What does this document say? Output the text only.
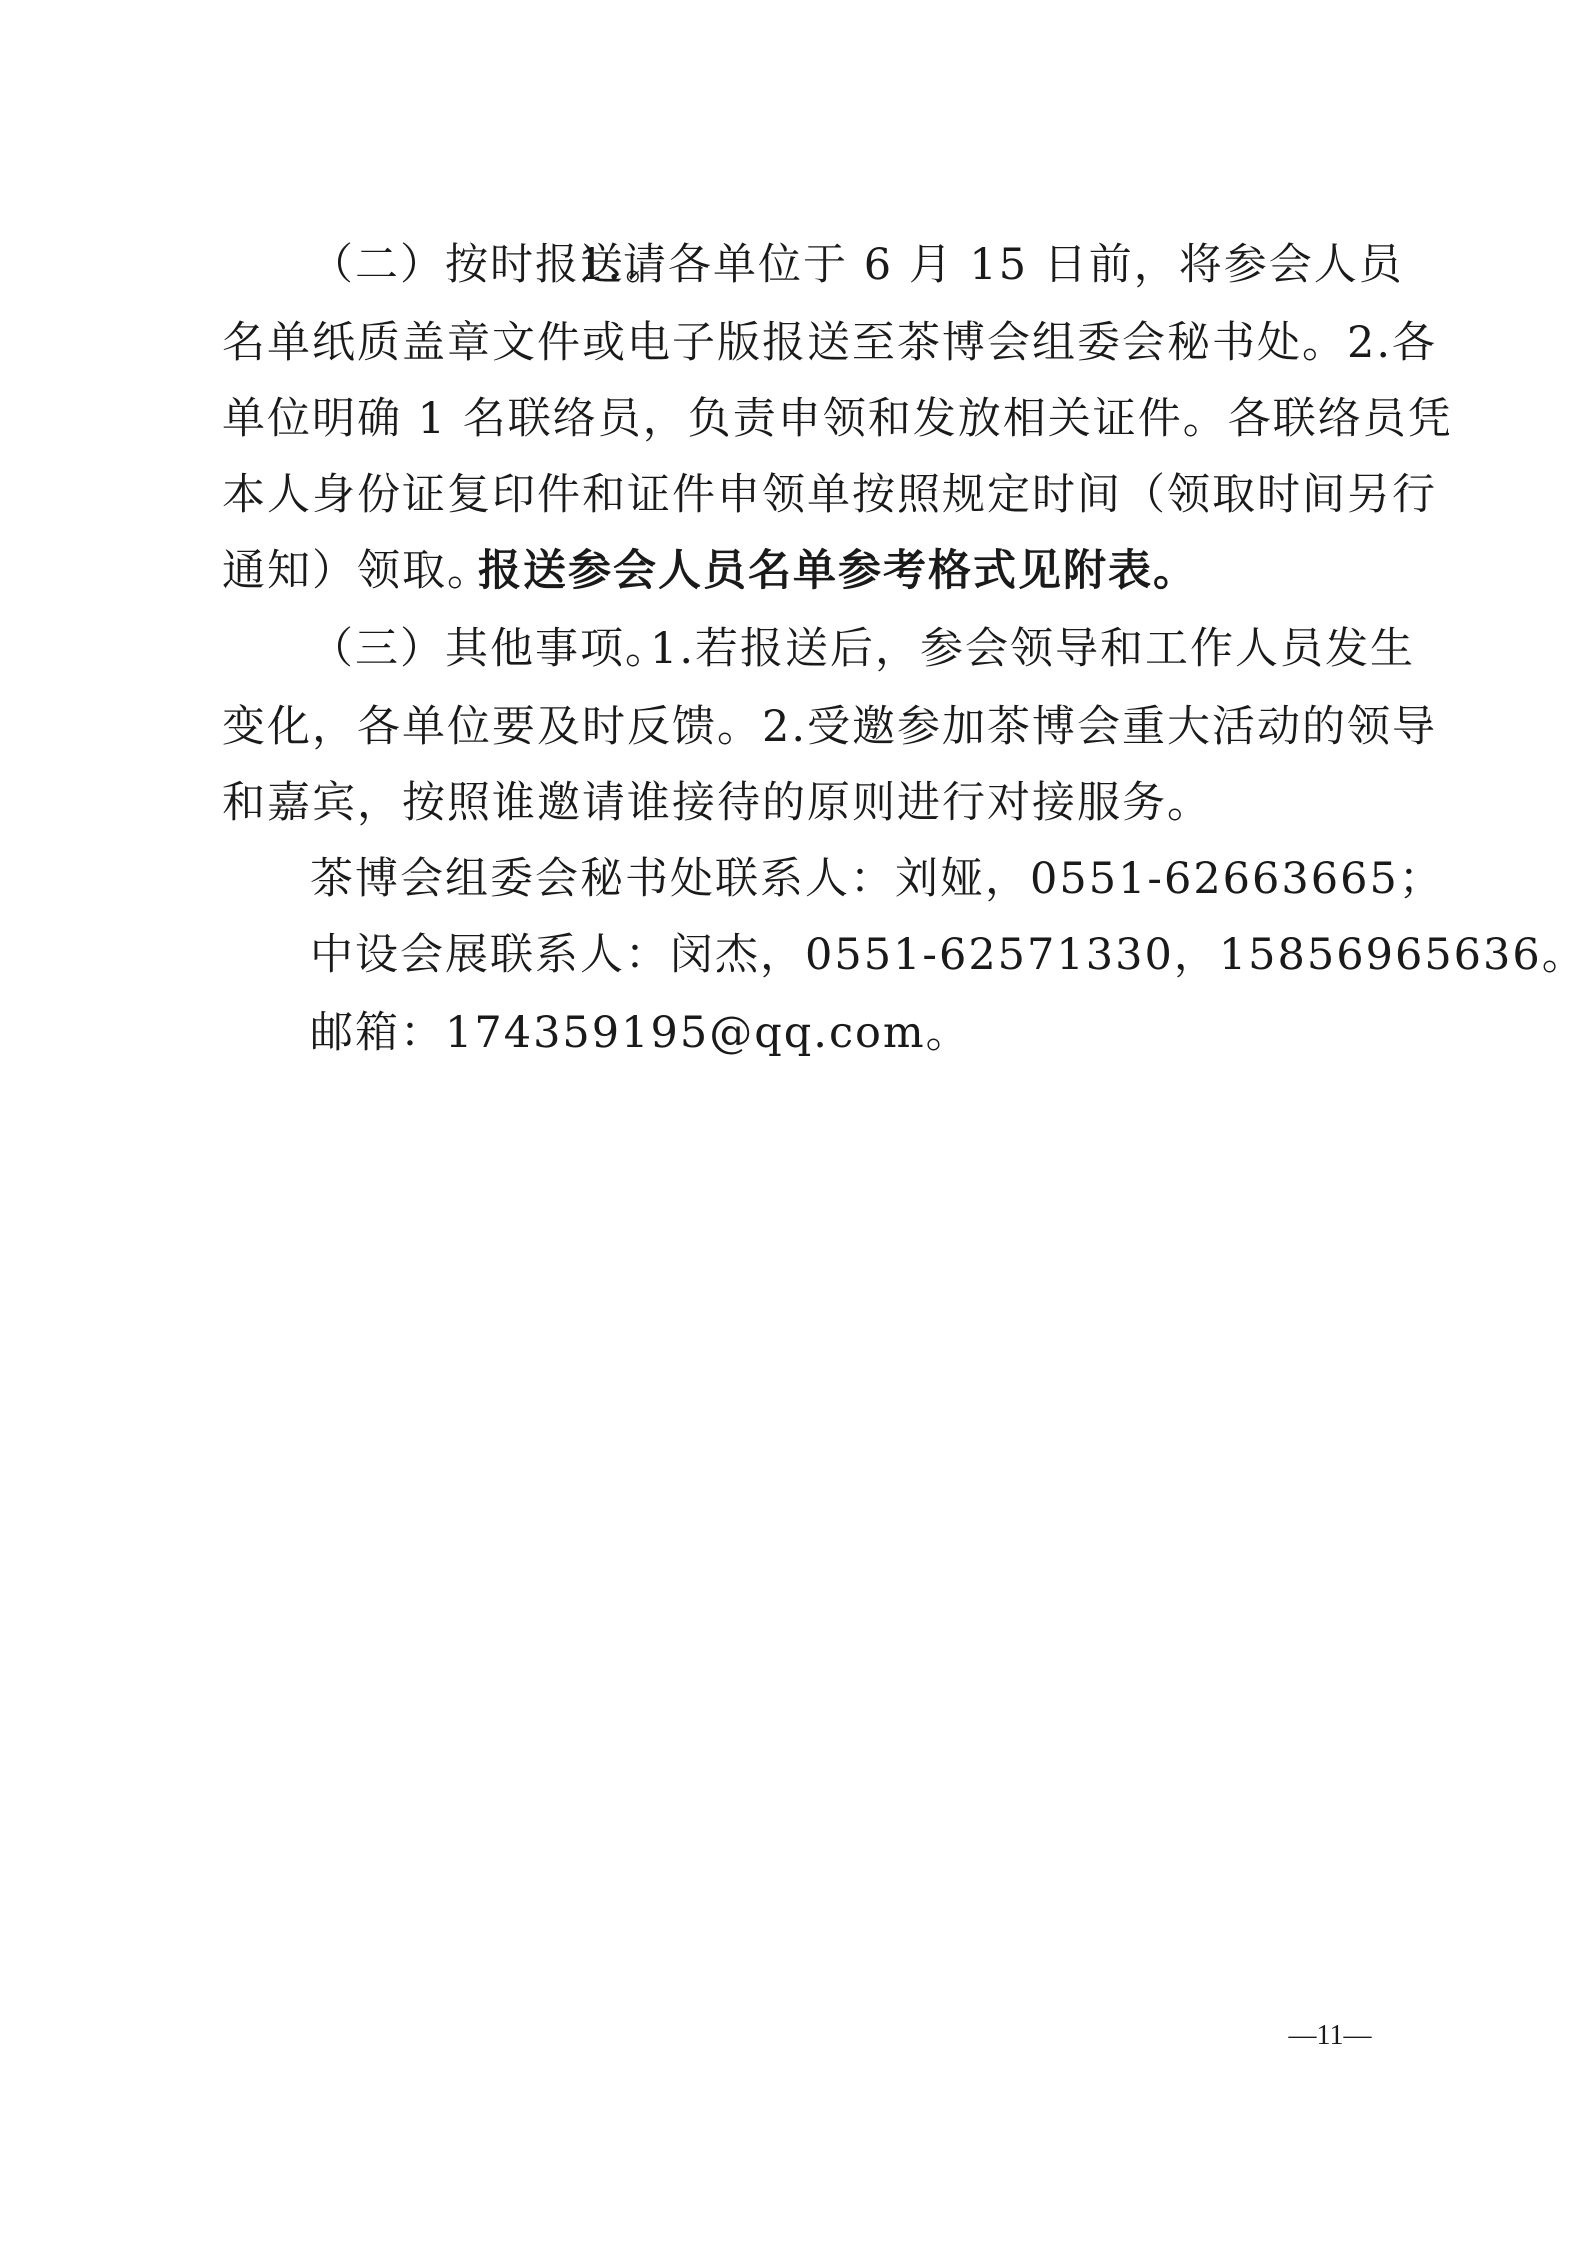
（二）按时报送。
1.请各单位于 6 月 15 日前，将参会人员
名单纸质盖章文件或电子版报送至茶博会组委会秘书处。2.各
单位明确 1 名联络员，负责申领和发放相关证件。各联络员凭
本人身份证复印件和证件申领单按照规定时间（领取时间另行
通知）领取。
报送参会人员名单参考格式见附表。
（三）其他事项。
1.若报送后，参会领导和工作人员发生
变化，各单位要及时反馈。2.受邀参加茶博会重大活动的领导
和嘉宾，按照谁邀请谁接待的原则进行对接服务。
茶博会组委会秘书处联系人：刘娅，0551-62663665；
中设会展联系人：闵杰，0551-62571330，15856965636。
邮箱：174359195@qq.com。
—11—
